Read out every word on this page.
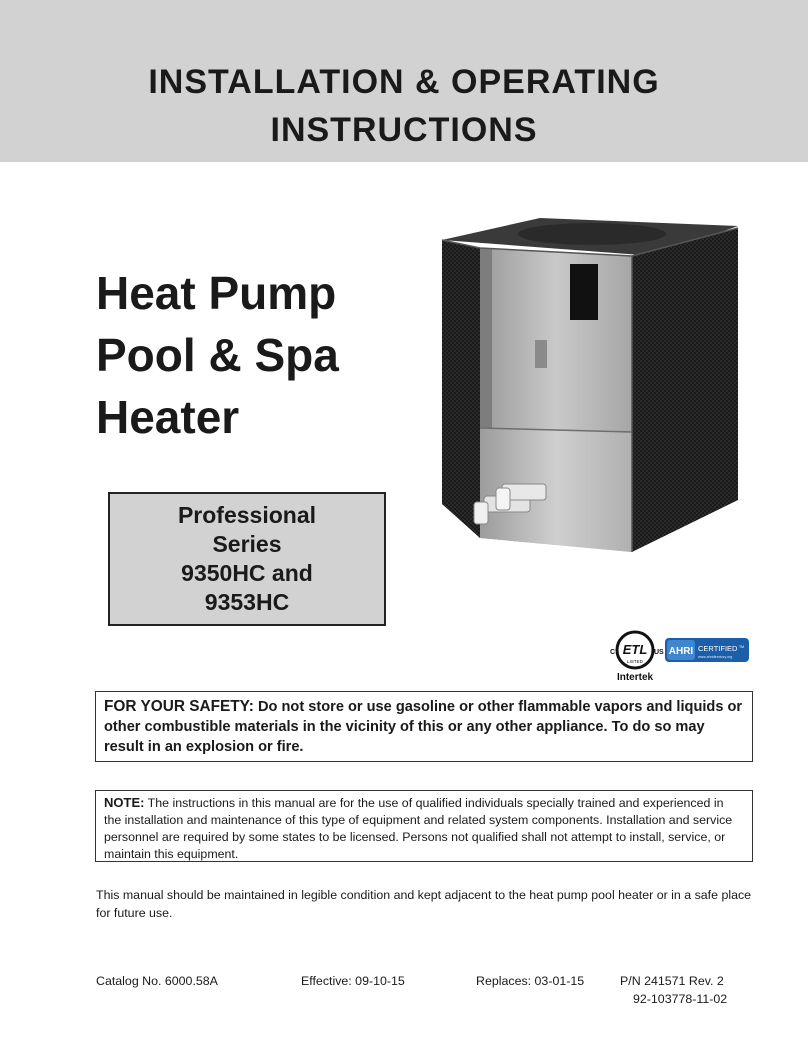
INSTALLATION & OPERATING
INSTRUCTIONS
Heat Pump
Pool & Spa
Heater
Professional
Series
9350HC and
9353HC
ETL
LISTED
C	US
Intertek
AHRI CERTIFIED TM
www.ahridirectory.org
FOR YOUR SAFETY: Do not store or use gasoline or other flammable vapors and liquids or other combustible materials in the vicinity of this or any other appliance. To do so may result in an explosion or fire.
NOTE: The instructions in this manual are for the use of qualified individuals specially trained and experienced in the installation and maintenance of this type of equipment and related system components. Installation and service personnel are required by some states to be licensed. Persons not qualified shall not attempt to install, service, or maintain this equipment.

This manual should be maintained in legible condition and kept adjacent to the heat pump pool heater or in a safe place for future use.

Catalog No. 6000.58A	Effective: 09-10-15	Replaces: 03-01-15	P/N 241571 Rev. 2
92-103778-11-02
